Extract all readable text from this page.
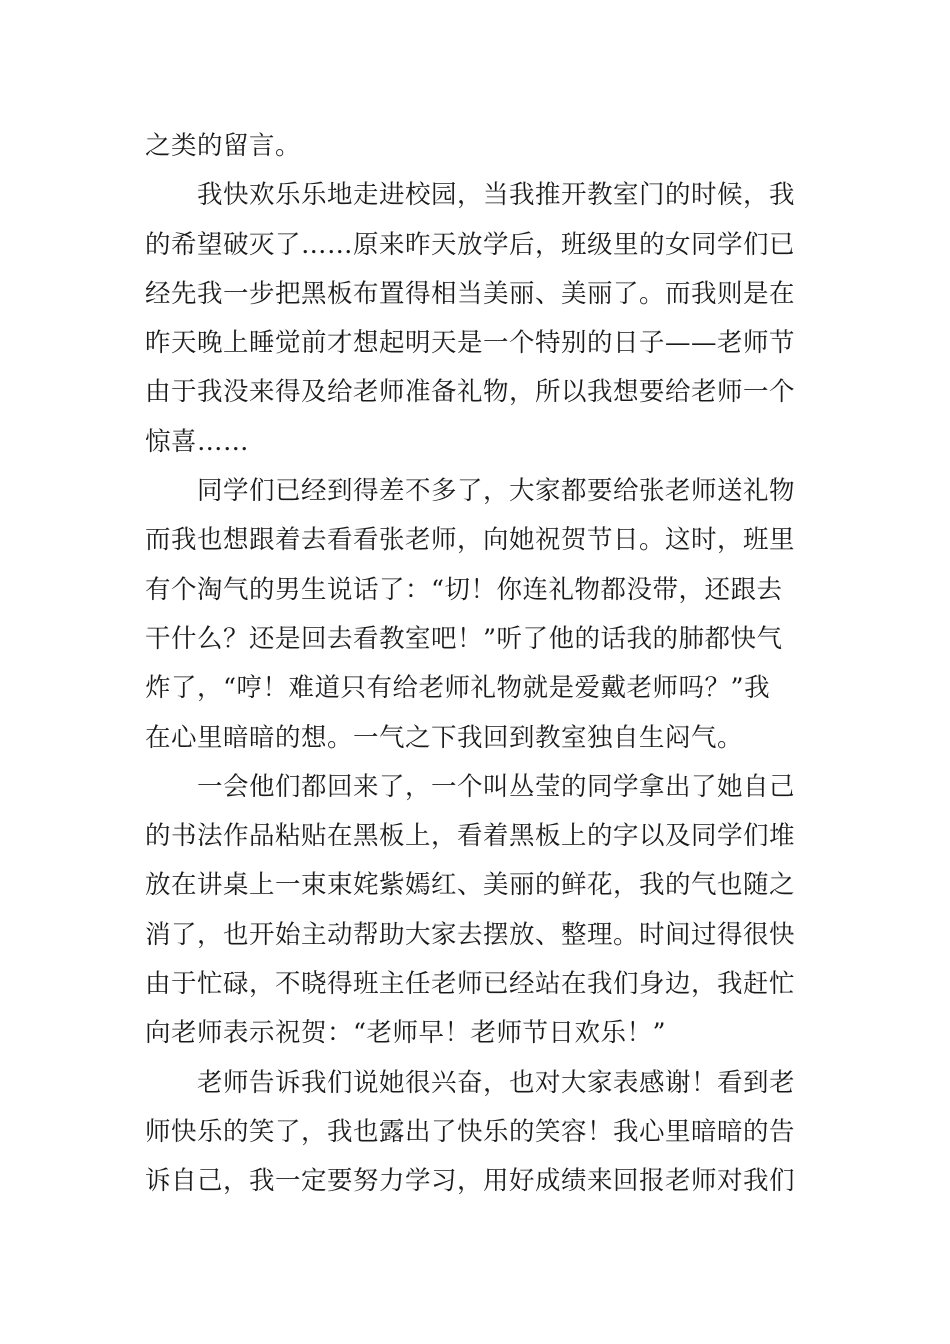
之类的留言。
我快欢乐乐地走进校园，当我推开教室门的时候，我
的希望破灭了……原来昨天放学后，班级里的女同学们已
经先我一步把黑板布置得相当美丽、美丽了。而我则是在
昨天晚上睡觉前才想起明天是一个特别的日子——老师节
由于我没来得及给老师准备礼物，所以我想要给老师一个
惊喜……
同学们已经到得差不多了，大家都要给张老师送礼物
而我也想跟着去看看张老师，向她祝贺节日。这时，班里
有个淘气的男生说话了：“切！你连礼物都没带，还跟去
干什么？还是回去看教室吧！”听了他的话我的肺都快气
炸了，“哼！难道只有给老师礼物就是爱戴老师吗？”我
在心里暗暗的想。一气之下我回到教室独自生闷气。
一会他们都回来了，一个叫丛莹的同学拿出了她自己
的书法作品粘贴在黑板上，看着黑板上的字以及同学们堆
放在讲桌上一束束姹紫嫣红、美丽的鲜花，我的气也随之
消了，也开始主动帮助大家去摆放、整理。时间过得很快
由于忙碌，不晓得班主任老师已经站在我们身边，我赶忙
向老师表示祝贺：“老师早！老师节日欢乐！”
老师告诉我们说她很兴奋，也对大家表感谢！看到老
师快乐的笑了，我也露出了快乐的笑容！我心里暗暗的告
诉自己，我一定要努力学习，用好成绩来回报老师对我们
